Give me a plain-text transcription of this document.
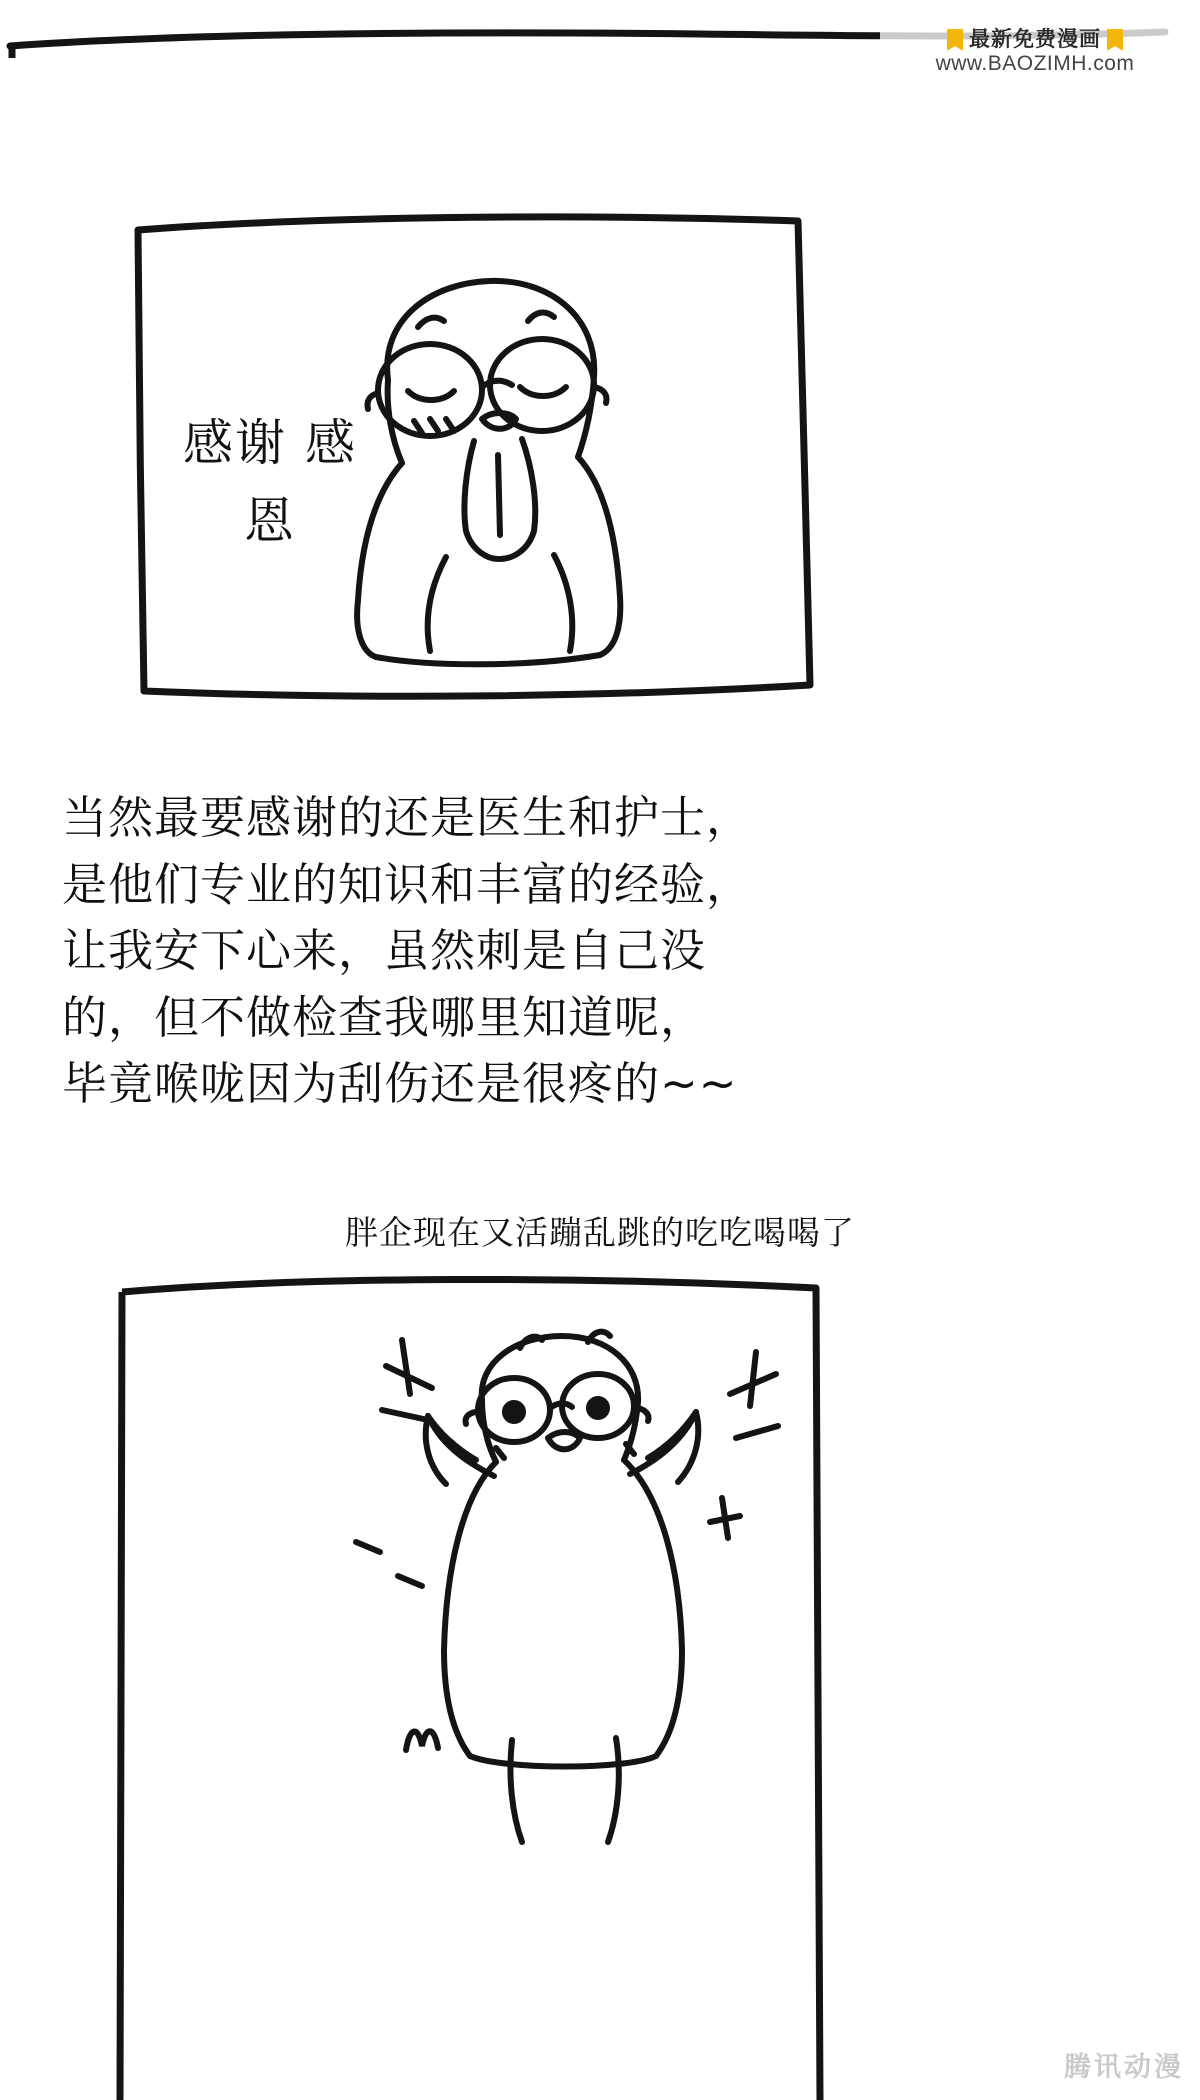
最新免费漫画
www.BAOZIMH.com
感谢 感恩

当然最要感谢的还是医生和护士，

是他们专业的知识和丰富的经验，

让我安下心来，虽然刺是自己没

的，但不做检查我哪里知道呢，

毕竟喉咙因为刮伤还是很疼的~~

胖企现在又活蹦乱跳的吃吃喝喝了
腾讯动漫
